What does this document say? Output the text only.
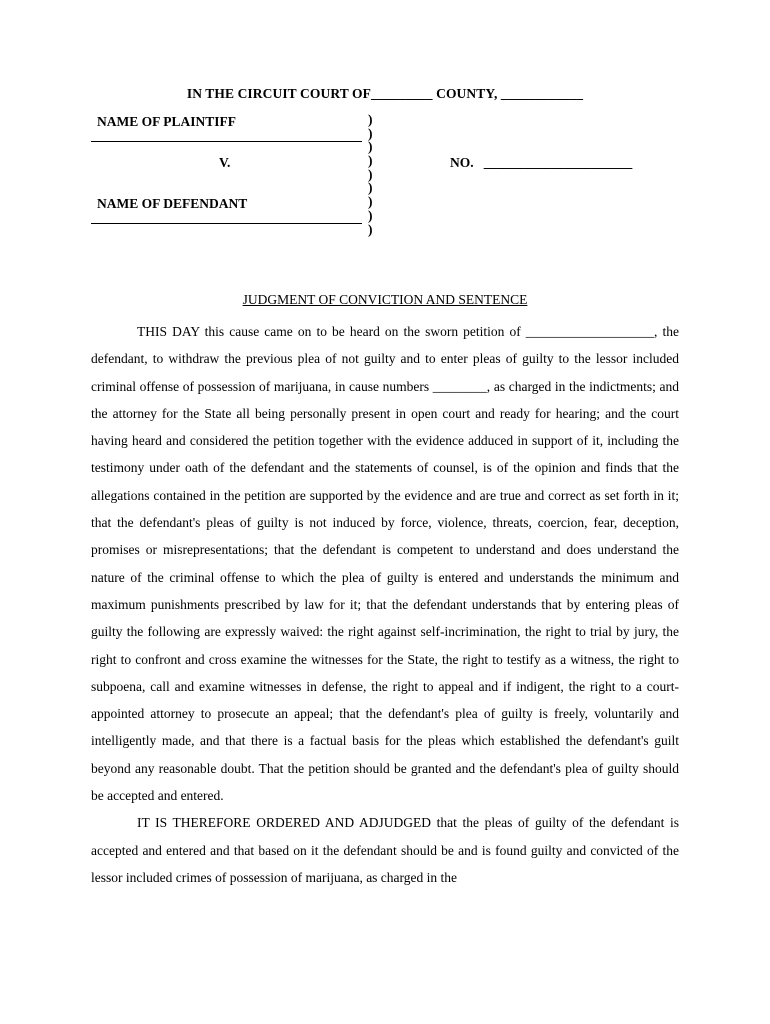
IN THE CIRCUIT COURT OF_________ COUNTY, ____________
NAME OF PLAINTIFF
V.
NAME OF DEFENDANT
NO.   ______________________
)
)
)
)
)
)
)
)
)
JUDGMENT OF CONVICTION AND SENTENCE

THIS DAY this cause came on to be heard on the sworn petition of ___________________, the defendant, to withdraw the previous plea of not guilty and to enter pleas of guilty to the lessor included criminal offense of possession of marijuana, in cause numbers ________, as charged in the indictments; and the attorney for the State all being personally present in open court and ready for hearing; and the court having heard and considered the petition together with the evidence adduced in support of it, including the testimony under oath of the defendant and the statements of counsel, is of the opinion and finds that the allegations contained in the petition are supported by the evidence and are true and correct as set forth in it; that the defendant's pleas of guilty is not induced by force, violence, threats, coercion, fear, deception, promises or misrepresentations; that the defendant is competent to understand and does understand the nature of the criminal offense to which the plea of guilty is entered and understands the minimum and maximum punishments prescribed by law for it; that the defendant understands that by entering pleas of guilty the following are expressly waived: the right against self-incrimination, the right to trial by jury, the right to confront and cross examine the witnesses for the State, the right to testify as a witness, the right to subpoena, call and examine witnesses in defense, the right to appeal and if indigent, the right to a court-appointed attorney to prosecute an appeal; that the defendant's plea of guilty is freely, voluntarily and intelligently made, and that there is a factual basis for the pleas which established the defendant's guilt beyond any reasonable doubt. That the petition should be granted and the defendant's plea of guilty should be accepted and entered.

IT IS THEREFORE ORDERED AND ADJUDGED that the pleas of guilty of the defendant is accepted and entered and that based on it the defendant should be and is found guilty and convicted of the lessor included crimes of possession of marijuana, as charged in the
